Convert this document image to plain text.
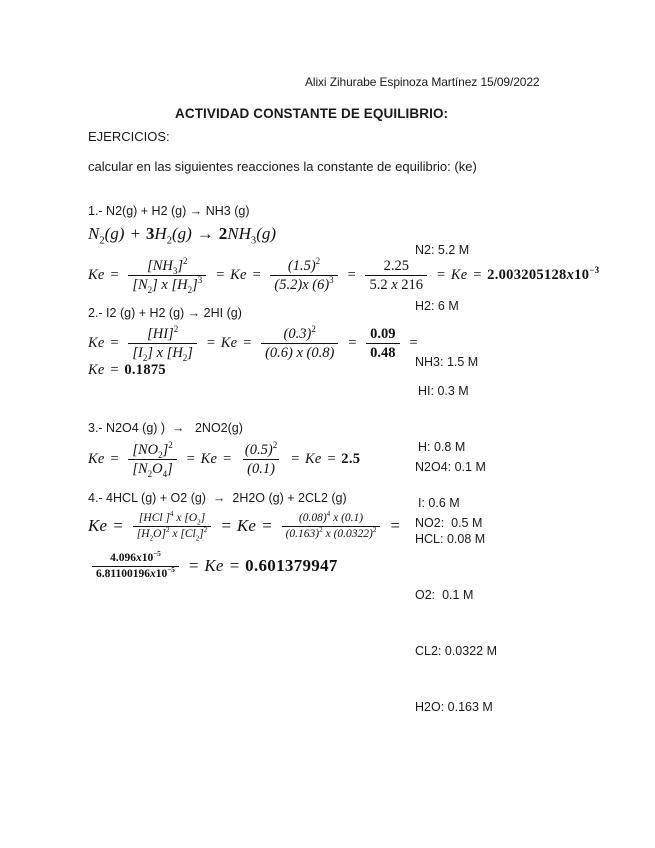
Alixi Zihurabe Espinoza Martínez 15/09/2022
ACTIVIDAD CONSTANTE DE EQUILIBRIO:
EJERCICIOS:
calcular en las siguientes reacciones la constante de equilibrio: (ke)
1.- N2(g) + H2 (g) → NH3 (g)
$N_2$ (g) + 3 $H_2$ (g) → 2 $NH_3$ (g)
$Ke = \frac{[NH_3]^2}{[N_2] x [H_2]^3} = Ke = \frac{(1.5)^2}{(5.2)x (6)^3} = \frac{2.25}{5.2 x 216} = Ke = 2.003205128x10^{-3}$

N2: 5.2 M

H2: 6 M

NH3: 1.5 M

2.- I2 (g) + H2 (g) → 2HI (g)
$Ke = \frac{[HI]^2}{[I_2] x [H_2]} = Ke = \frac{(0.3)^2}{(0.6) x (0.8)} = \frac{0.09}{0.48}$ =
Ke = 0.1875

HI: 0.3 M

H: 0.8 M

I: 0.6 M

3.- N2O4 (g) )  →   2NO2(g)
$Ke = \frac{[NO_2]^2}{[N_2O_4]} = Ke = \frac{(0.5)^2}{(0.1)} = Ke = 2.5$

	N2O4: 0.1 M

NO2:  0.5 M

4.- 4HCL (g) + O2 (g)  →  2H2O (g) + 2CL2 (g)
$Ke = \frac{[HCl ]^4 x [O_2]}{[H_2O]^2 x [Cl_2]^2} = Ke = \frac{(0.08)^4 x (0.1)}{(0.163)^2 x (0.0322)^2}$ =
$\frac{4.096x10^{-5}}{6.81100196x10^{-5}} = Ke = 0.601379947$

HCL: 0.08 M

O2:  0.1 M

CL2: 0.0322 M

H2O: 0.163 M
